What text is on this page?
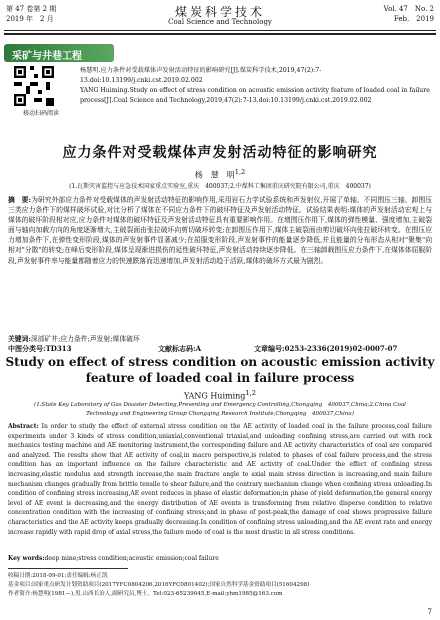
第 47 卷第 2 期
2019 年　2 月	煤炭科学技术
Coal Science and Technology
Vol. 47　No. 2
Feb.　2019
采矿与井巷工程
移动扫码阅读
杨慧明.应力条件对受载煤体声发射活动特征的影响研究[J].煤炭科学技术,2019,47(2):7-13.doi:10.13199/j.cnki.cst.2019.02.002
YANG Huiming.Study on effect of stress condition on acoustic emission activity feature of loaded coal in failure process[J].Coal Science and Technology,2019,47(2):7-13.doi:10.13199/j.cnki.cst.2019.02.002
应力条件对受载煤体声发射活动特征的影响研究
杨　慧　明$^{1,2}$
(1.瓦斯灾害监控与应急技术国家重点实验室,重庆　400037;2.中煤科工集团重庆研究院有限公司,重庆　400037)
摘　要:为研究外部应力条件对受载煤体的声发射活动特征的影响作用,采用岩石力学试验系统和声发射仪,开展了单轴、不同围压三轴、卸围压三类应力条件下的煤样破坏试验,对比分析了煤体在不同应力条件下的破坏特征及声发射活动特征。试验结果表明:煤体的声发射活动宏观上与煤体的破坏阶段相对应,应力条件对煤体的破坏特征及声发射活动特征具有重要影响作用。在增围压作用下,煤体的弹性模量、强度增加,主破裂面与轴向加载方向的角度逐渐增大,主破裂面由张拉破坏向剪切破坏转变;在卸围压作用下,煤体主破裂面由剪切破坏向张拉破坏转变。在围压应力增加条件下,在弹性变形阶段,煤体的声发射事件显著减少;在屈服变形阶段,声发射事件的能量逐步降低,并且能量的分布形态从相对"聚集"向相对"分散"的转变;在峰后变形阶段,煤体呈现渐进损伤的延性破坏特征,声发射活动持续逐步降低。在三轴卸载围压应力条件下,在煤体体屈服阶段,声发射事件率与能量都随着应力的快速跌落而迅速增加,声发射活动趋于活跃,煤体的破坏方式最为剧烈。
关键词:深部矿井;应力条件;声发射;煤体破坏
中图分类号:TD313	文献标志码:A	文章编号:0253-2336(2019)02-0007-07
Study on effect of stress condition on acoustic emission activity feature of loaded coal in failure process
YANG Huiming$^{1,2}$
(1.State Key Laboratory of Gas Disaster Detecting,Preventing and Emergency Controlling,Chongqing　400037,China;2.China Coal Technology and Engineering Group Chongqing Research Institute,Chongqing　400037,China)
Abstract: In order to study the effect of external stress condition on the AE activity of loaded coal in the failure process,coal failure experiments under 3 kinds of stress condition,uniaxial,conventional triaxial,and unloading confining stress,are carried out with rock mechanics testing machine and AE monitoring instrument,the corresponding failure and AE activity characteristics of coal are compared and analyzed. The results show that AE activity of coal,in macro perspective,is related to phases of coal failure process,and the stress condition has an important influence on the failure characteristic and AE activity of coal.Under the effect of confining stress increasing,elastic modulus and strength increase,the main fracture angle to axial main stress direction is increasing,and main failure mechanism changes gradually from brittle tensile to shear failure,and the contrary mechanism change when confining stress unloading.In condition of confining stress increasing,AE event reduces in phase of elastic deformation;in phase of yield deformation,the general energy level of AE event is decreasing,and the energy distribution of AE events is transforming from relative disperse condition to relative concentration condition with the increasing of confining stress;and in phase of post-peak,the damage of coal shows progressive failure characteristics and the AE activity keeps gradually decreasing.In condition of confining stress unloading,and the AE event rate and energy increase rapidly with rapid drop of axial stress,the failure mode of coal is the most drastic in all stress conditions.
Key words:deep mine;stress condition;acoustic emission;coal failure
收稿日期:2018-09-01;责任编辑:杨正凯
基金项目:国家重点研发计划资助项目(2017YFC0804206,2016YFC0801402);国家自然科学基金资助项目(51604298)
作者简介:杨慧明(1981—),男,山西长治人,副研究员,博士。Tel:023-65239045,E-mail:yhm1985@163.com
7
